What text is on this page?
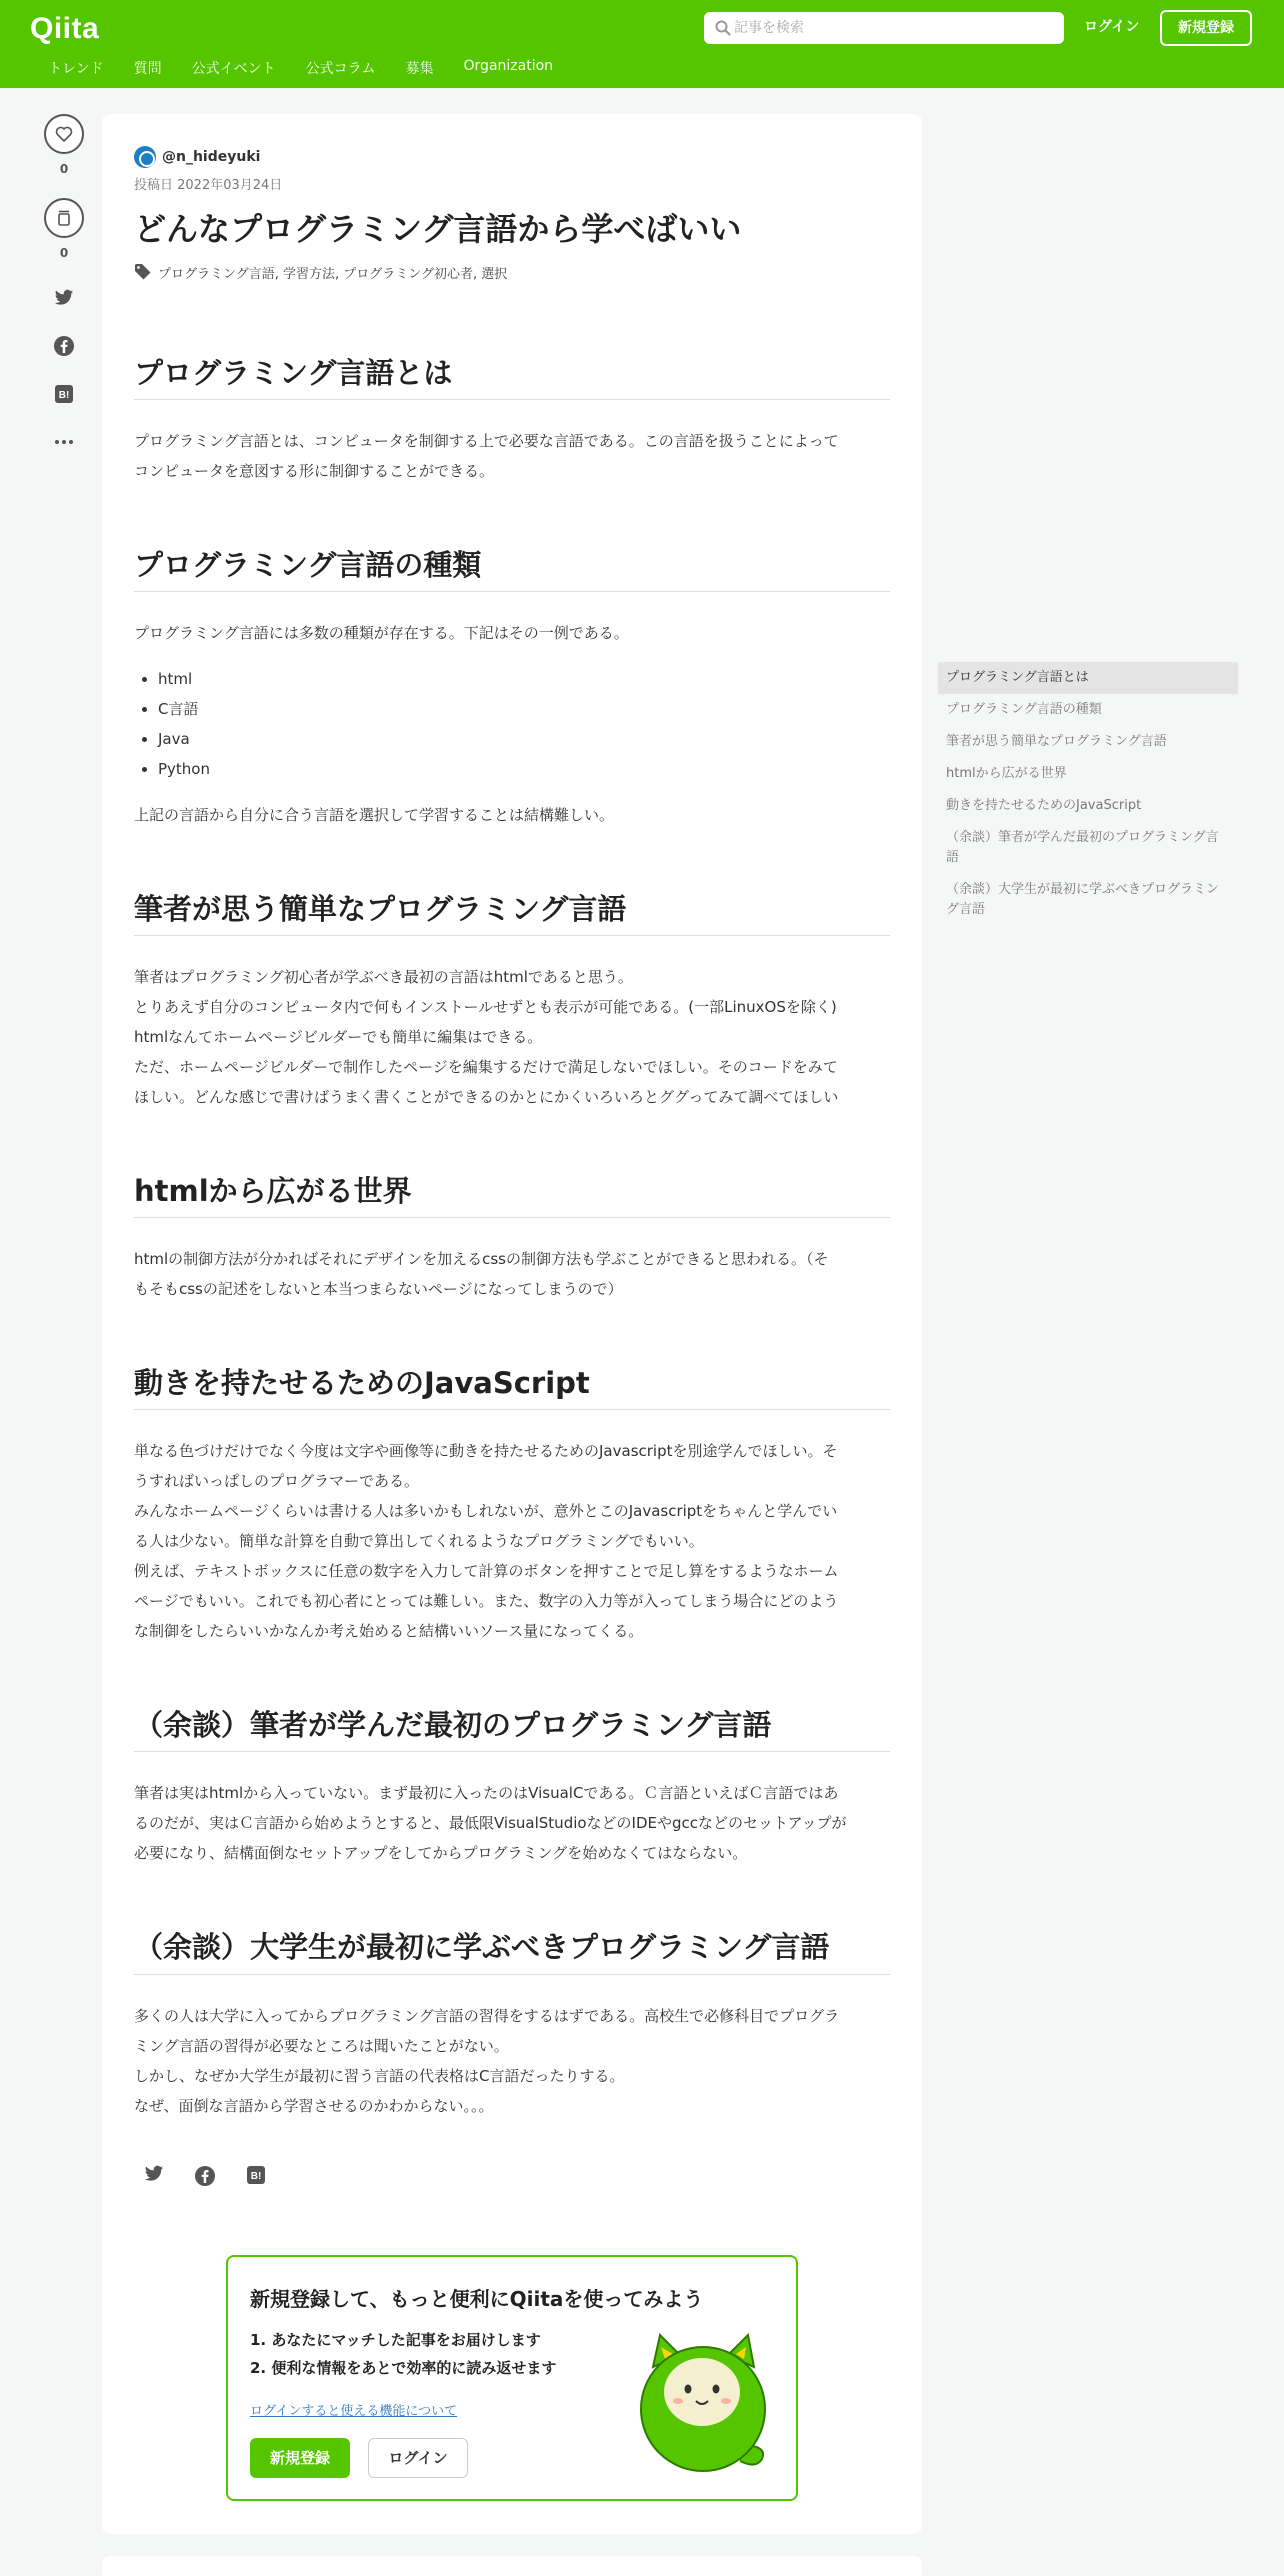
Qiita
記事を検索	ログイン	新規登録
トレンド 質問 公式イベント 公式コラム 募集 Organization
0
0
B!
@n_hideyuki
投稿日 2022年03月24日
どんなプログラミング言語から学べばいい
プログラミング言語, 学習方法, プログラミング初心者, 選択
プログラミング言語とは

プログラミング言語とは、コンピュータを制御する上で必要な言語である。この言語を扱うことによって

コンピュータを意図する形に制御することができる。

プログラミング言語の種類

プログラミング言語には多数の種類が存在する。下記はその一例である。

• html
• C言語
• Java
• Python

上記の言語から自分に合う言語を選択して学習することは結構難しい。

筆者が思う簡単なプログラミング言語

筆者はプログラミング初心者が学ぶべき最初の言語はhtmlであると思う。

とりあえず自分のコンピュータ内で何もインストールせずとも表示が可能である。(一部LinuxOSを除く)

htmlなんてホームページビルダーでも簡単に編集はできる。

ただ、ホームページビルダーで制作したページを編集するだけで満足しないでほしい。そのコードをみて

ほしい。どんな感じで書けばうまく書くことができるのかとにかくいろいろとググってみて調べてほしい

htmlから広がる世界

htmlの制御方法が分かればそれにデザインを加えるcssの制御方法も学ぶことができると思われる。（そ

もそもcssの記述をしないと本当つまらないページになってしまうので）

動きを持たせるためのJavaScript

単なる色づけだけでなく今度は文字や画像等に動きを持たせるためのJavascriptを別途学んでほしい。そ

うすればいっぱしのプログラマーである。

みんなホームページくらいは書ける人は多いかもしれないが、意外とこのJavascriptをちゃんと学んでい

る人は少ない。簡単な計算を自動で算出してくれるようなプログラミングでもいい。

例えば、テキストボックスに任意の数字を入力して計算のボタンを押すことで足し算をするようなホーム

ページでもいい。これでも初心者にとっては難しい。また、数字の入力等が入ってしまう場合にどのよう

な制御をしたらいいかなんか考え始めると結構いいソース量になってくる。

（余談）筆者が学んだ最初のプログラミング言語

筆者は実はhtmlから入っていない。まず最初に入ったのはVisualCである。Ｃ言語といえばＣ言語ではあ

るのだが、実はＣ言語から始めようとすると、最低限VisualStudioなどのIDEやgccなどのセットアップが

必要になり、結構面倒なセットアップをしてからプログラミングを始めなくてはならない。

（余談）大学生が最初に学ぶべきプログラミング言語

多くの人は大学に入ってからプログラミング言語の習得をするはずである。高校生で必修科目でプログラ

ミング言語の習得が必要なところは聞いたことがない。

しかし、なぜか大学生が最初に習う言語の代表格はC言語だったりする。

なぜ、面倒な言語から学習させるのかわからない。。。

B!
新規登録して、もっと便利にQiitaを使ってみよう
1. あなたにマッチした記事をお届けします
2. 便利な情報をあとで効率的に読み返せます
ログインすると使える機能について
新規登録	ログイン
プログラミング言語とは
プログラミング言語の種類
筆者が思う簡単なプログラミング言語
htmlから広がる世界
動きを持たせるためのJavaScript
（余談）筆者が学んだ最初のプログラミング言語
（余談）大学生が最初に学ぶべきプログラミング言語
